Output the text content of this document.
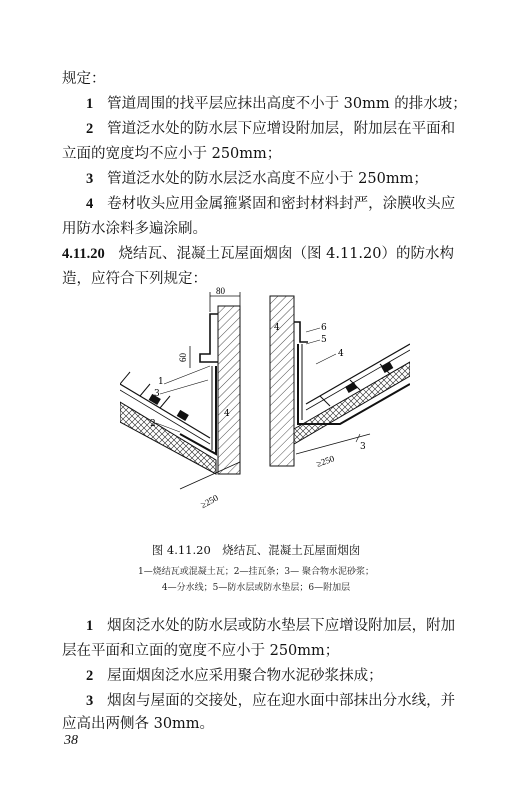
规定：
1 管道周围的找平层应抹出高度不小于 30mm 的排水坡；
2 管道泛水处的防水层下应增设附加层，附加层在平面和
立面的宽度均不应小于 250mm；
3 管道泛水处的防水层泛水高度不应小于 250mm；
4 卷材收头应用金属箍紧固和密封材料封严，涂膜收头应
用防水涂料多遍涂刷。
4.11.20 烧结瓦、混凝土瓦屋面烟囱（图 4.11.20）的防水构
造，应符合下列规定：
80
60
≥250
1
3
2
4
≥250
6
5
4
3
4
图 4.11.20　烧结瓦、混凝土瓦屋面烟囱
1—烧结瓦或混凝土瓦；2—挂瓦条；3— 聚合物水泥砂浆；
4—分水线；5—防水层或防水垫层；6—附加层
1 烟囱泛水处的防水层或防水垫层下应增设附加层，附加
层在平面和立面的宽度不应小于 250mm；
2 屋面烟囱泛水应采用聚合物水泥砂浆抹成；
3 烟囱与屋面的交接处，应在迎水面中部抹出分水线，并
应高出两侧各 30mm。
38
